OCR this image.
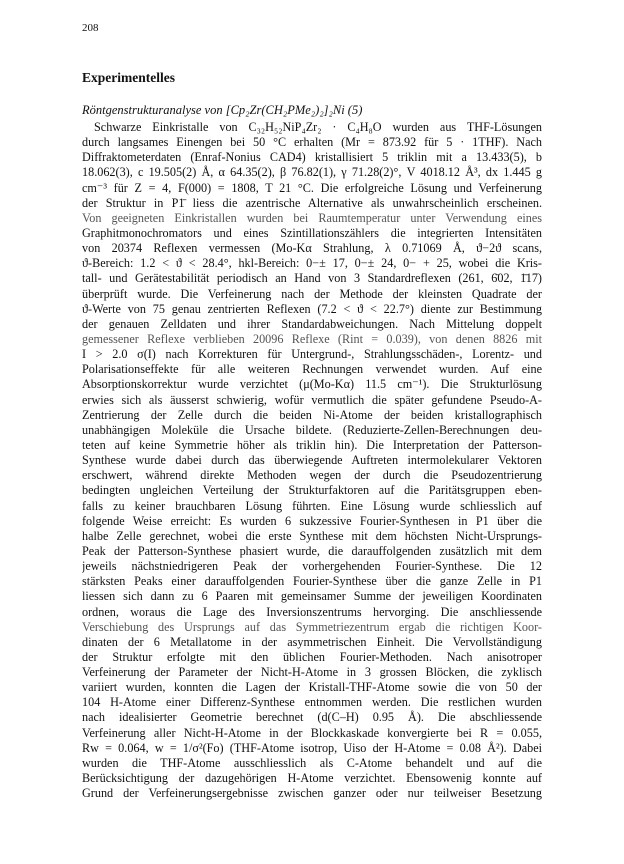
208
Experimentelles
Röntgenstrukturanalyse von [Cp₂Zr(CH₂PMe₂)₂]₂Ni (5)
Schwarze Einkristalle von C₃₂H₅₂NiP₄Zr₂ · C₄H₈O wurden aus THF-Lösungen
durch langsames Einengen bei 50 °C erhalten (Mr = 873.92 für 5 · 1THF). Nach
Diffraktometerdaten (Enraf-Nonius CAD4) kristallisiert 5 triklin mit a 13.433(5), b
18.062(3), c 19.505(2) Å, α 64.35(2), β 76.82(1), γ 71.28(2)°, V 4018.12 Å³, dx 1.445 g
cm⁻³ für Z = 4, F(000) = 1808, T 21 °C. Die erfolgreiche Lösung und Verfeinerung
der Struktur in P1̄ liess die azentrische Alternative als unwahrscheinlich erscheinen.
Von geeigneten Einkristallen wurden bei Raumtemperatur unter Verwendung eines
Graphitmonochromators und eines Szintillationszählers die integrierten Intensitäten
von 20374 Reflexen vermessen (Mo-Kα Strahlung, λ 0.71069 Å, ϑ−2ϑ scans,
ϑ-Bereich: 1.2 < ϑ < 28.4°, hkl-Bereich: 0−± 17, 0−± 24, 0− + 25, wobei die Kris-
tall- und Gerätestabilität periodisch an Hand von 3 Standardreflexen (261, 6̄02, 1̄17)
überprüft wurde. Die Verfeinerung nach der Methode der kleinsten Quadrate der
ϑ-Werte von 75 genau zentrierten Reflexen (7.2 < ϑ < 22.7°) diente zur Bestimmung
der genauen Zelldaten und ihrer Standardabweichungen. Nach Mittelung doppelt
gemessener Reflexe verblieben 20096 Reflexe (Rint = 0.039), von denen 8826 mit
I > 2.0 σ(I) nach Korrekturen für Untergrund-, Strahlungsschäden-, Lorentz- und
Polarisationseffekte für alle weiteren Rechnungen verwendet wurden. Auf eine
Absorptionskorrektur wurde verzichtet (μ(Mo-Kα) 11.5 cm⁻¹). Die Strukturlösung
erwies sich als äusserst schwierig, wofür vermutlich die später gefundene Pseudo-A-
Zentrierung der Zelle durch die beiden Ni-Atome der beiden kristallographisch
unabhängigen Moleküle die Ursache bildete. (Reduzierte-Zellen-Berechnungen deu-
teten auf keine Symmetrie höher als triklin hin). Die Interpretation der Patterson-
Synthese wurde dabei durch das überwiegende Auftreten intermolekularer Vektoren
erschwert, während direkte Methoden wegen der durch die Pseudozentrierung
bedingten ungleichen Verteilung der Strukturfaktoren auf die Paritätsgruppen eben-
falls zu keiner brauchbaren Lösung führten. Eine Lösung wurde schliesslich auf
folgende Weise erreicht: Es wurden 6 sukzessive Fourier-Synthesen in P1 über die
halbe Zelle gerechnet, wobei die erste Synthese mit dem höchsten Nicht-Ursprungs-
Peak der Patterson-Synthese phasiert wurde, die darauffolgenden zusätzlich mit dem
jeweils nächstniedrigeren Peak der vorhergehenden Fourier-Synthese. Die 12
stärksten Peaks einer darauffolgenden Fourier-Synthese über die ganze Zelle in P1
liessen sich dann zu 6 Paaren mit gemeinsamer Summe der jeweiligen Koordinaten
ordnen, woraus die Lage des Inversionszentrums hervorging. Die anschliessende
Verschiebung des Ursprungs auf das Symmetriezentrum ergab die richtigen Koor-
dinaten der 6 Metallatome in der asymmetrischen Einheit. Die Vervollständigung
der Struktur erfolgte mit den üblichen Fourier-Methoden. Nach anisotroper
Verfeinerung der Parameter der Nicht-H-Atome in 3 grossen Blöcken, die zyklisch
variiert wurden, konnten die Lagen der Kristall-THF-Atome sowie die von 50 der
104 H-Atome einer Differenz-Synthese entnommen werden. Die restlichen wurden
nach idealisierter Geometrie berechnet (d(C–H) 0.95 Å). Die abschliessende
Verfeinerung aller Nicht-H-Atome in der Blockkaskade konvergierte bei R = 0.055,
Rw = 0.064, w = 1/σ²(Fo) (THF-Atome isotrop, Uiso der H-Atome = 0.08 Å²). Dabei
wurden die THF-Atome ausschliesslich als C-Atome behandelt und auf die
Berücksichtigung der dazugehörigen H-Atome verzichtet. Ebensowenig konnte auf
Grund der Verfeinerungsergebnisse zwischen ganzer oder nur teilweiser Besetzung
